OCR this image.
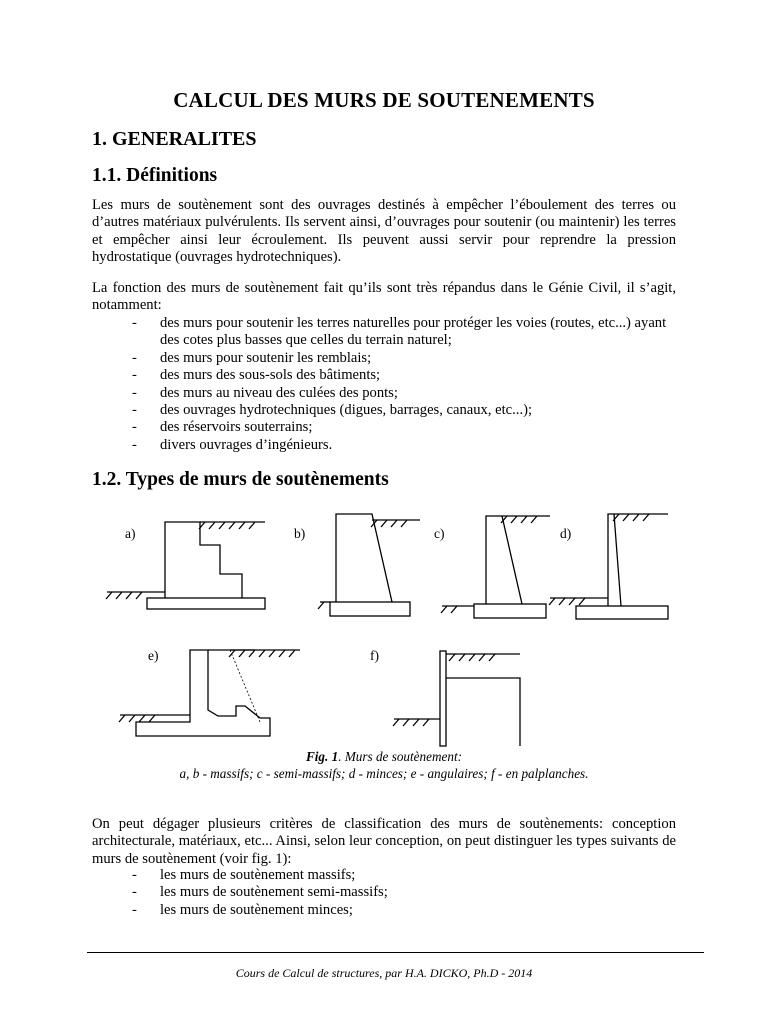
CALCUL DES MURS DE SOUTENEMENTS
1. GENERALITES
1.1. Définitions

Les murs de soutènement sont des ouvrages destinés à empêcher l’éboulement des terres ou d’autres matériaux pulvérulents. Ils servent ainsi, d’ouvrages pour soutenir (ou maintenir) les terres et empêcher ainsi leur écroulement. Ils peuvent aussi servir pour reprendre la pression hydrostatique (ouvrages hydrotechniques).

La fonction des murs de soutènement fait qu’ils sont très répandus dans le Génie Civil, il s’agit, notamment:

- des murs pour soutenir les terres naturelles pour protéger les voies (routes, etc...) ayant des cotes plus basses que celles du terrain naturel;
- des murs pour soutenir les remblais;
- des murs des sous-sols des bâtiments;
- des murs au niveau des culées des ponts;
- des ouvrages hydrotechniques (digues, barrages, canaux, etc...);
- des réservoirs souterrains;
- divers ouvrages d’ingénieurs.
1.2. Types de murs de soutènements
a)	b)	c)	d)
e)	f)

Fig. 1. Murs de soutènement:

a, b - massifs; c - semi-massifs; d - minces; e - angulaires; f - en palplanches.

On peut dégager plusieurs critères de classification des murs de soutènements: conception architecturale, matériaux, etc... Ainsi, selon leur conception, on peut distinguer les types suivants de murs de soutènement (voir fig. 1):

- les murs de soutènement massifs;
- les murs de soutènement semi-massifs;
- les murs de soutènement minces;

Cours de Calcul de structures, par H.A. DICKO, Ph.D - 2014
